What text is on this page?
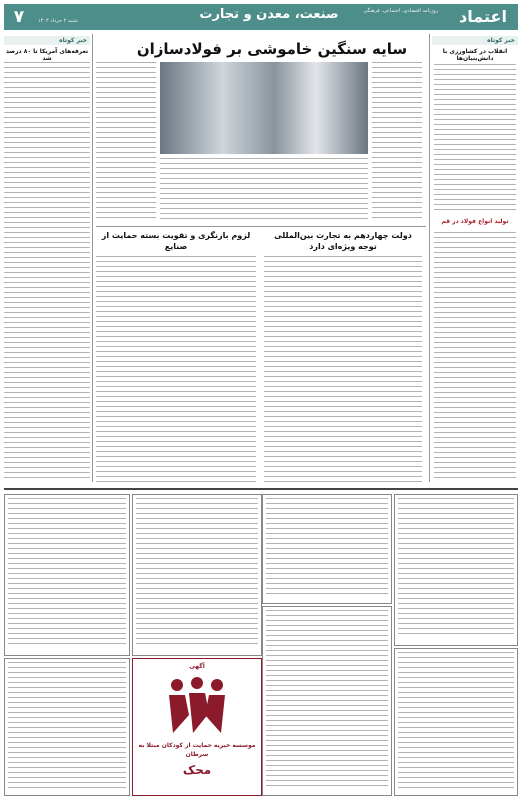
اعتماد
روزنامه اقتصادی، اجتماعی، فرهنگی
صنعت، معدن و تجارت
شنبه ۲ خرداد ۱۴۰۳
۷
خبر کوتاه
انقلاب در کشاورزی با دانش‌بنیان‌ها
تولید انواع فولاد در قم
سایه سنگین خاموشی بر فولادسازان
خبر کوتاه
تعرفه‌های آمریکا تا ۸۰ درصد شد
دولت چهاردهم به تجارت بین‌المللی توجه ویژه‌ای دارد
لزوم بازنگری و تقویت بسته حمایت از صنایع
آگهی
موسسه خیریه حمایت از کودکان مبتلا به سرطان
محک
